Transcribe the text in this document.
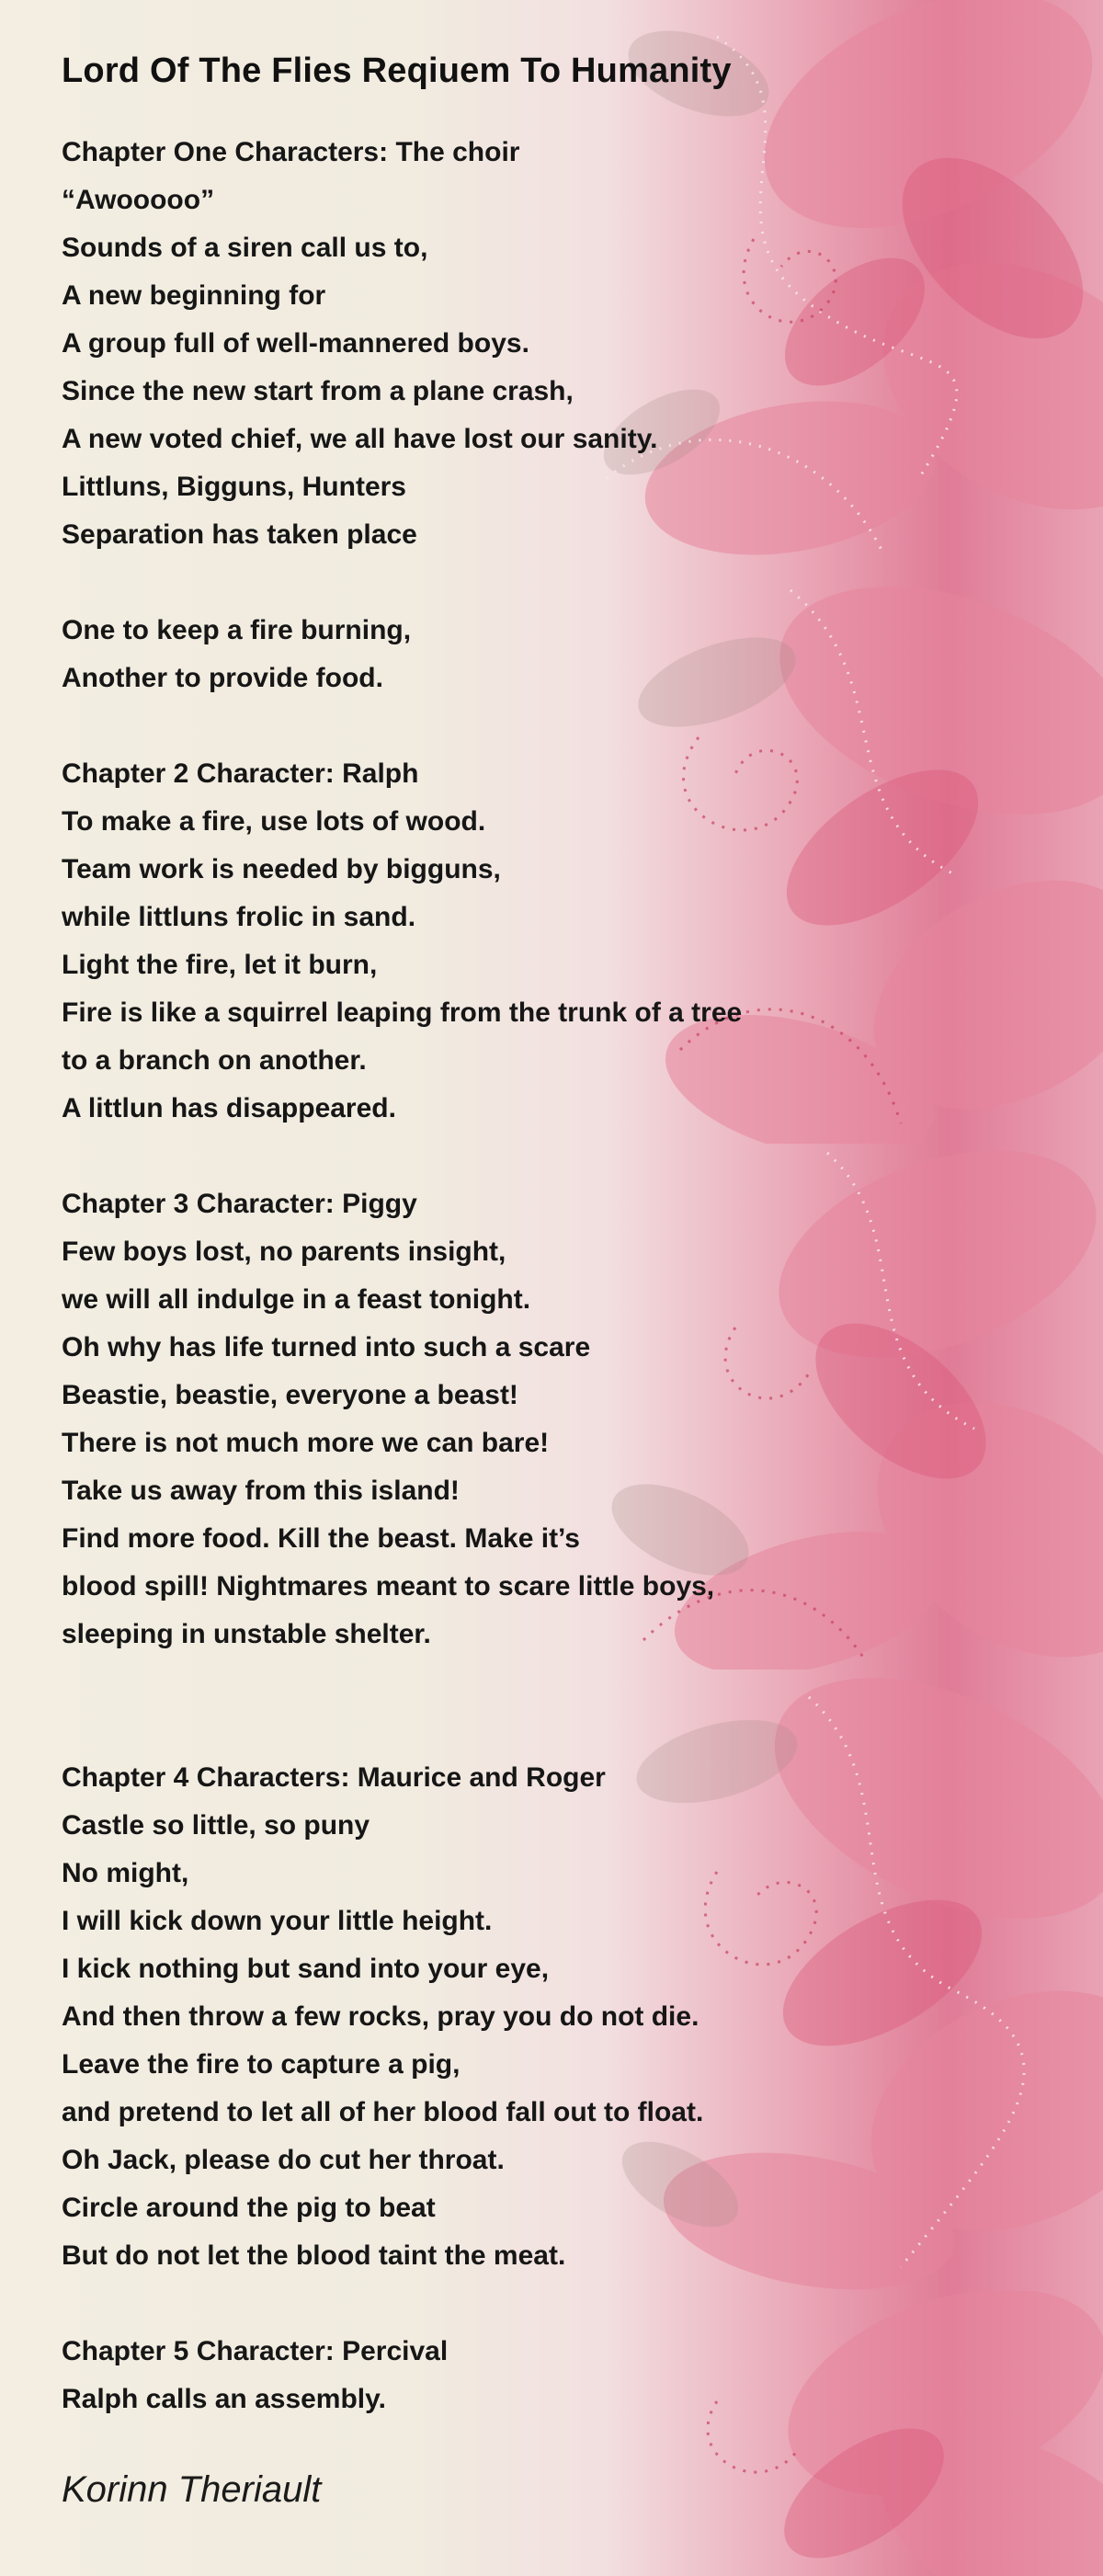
Lord Of The Flies Reqiuem To Humanity
Chapter One Characters: The choir
“Awooooo”
Sounds of a siren call us to,
A new beginning for
A group full of well-mannered boys.
Since the new start from a plane crash,
A new voted chief, we all have lost our sanity.
Littluns, Bigguns, Hunters
Separation has taken place
One to keep a fire burning,
Another to provide food.
Chapter 2 Character: Ralph
To make a fire, use lots of wood.
Team work is needed by bigguns,
while littluns frolic in sand.
Light the fire, let it burn,
Fire is like a squirrel leaping from the trunk of a tree
to a branch on another.
A littlun has disappeared.
Chapter 3 Character: Piggy
Few boys lost, no parents insight,
we will all indulge in a feast tonight.
Oh why has life turned into such a scare
Beastie, beastie, everyone a beast!
There is not much more we can bare!
Take us away from this island!
Find more food. Kill the beast. Make it’s
blood spill! Nightmares meant to scare little boys,
sleeping in unstable shelter.
Chapter 4 Characters: Maurice and Roger
Castle so little, so puny
No might,
I will kick down your little height.
I kick nothing but sand into your eye,
And then throw a few rocks, pray you do not die.
Leave the fire to capture a pig,
and pretend to let all of her blood fall out to float.
Oh Jack, please do cut her throat.
Circle around the pig to beat
But do not let the blood taint the meat.
Chapter 5 Character: Percival
Ralph calls an assembly.
Korinn Theriault
